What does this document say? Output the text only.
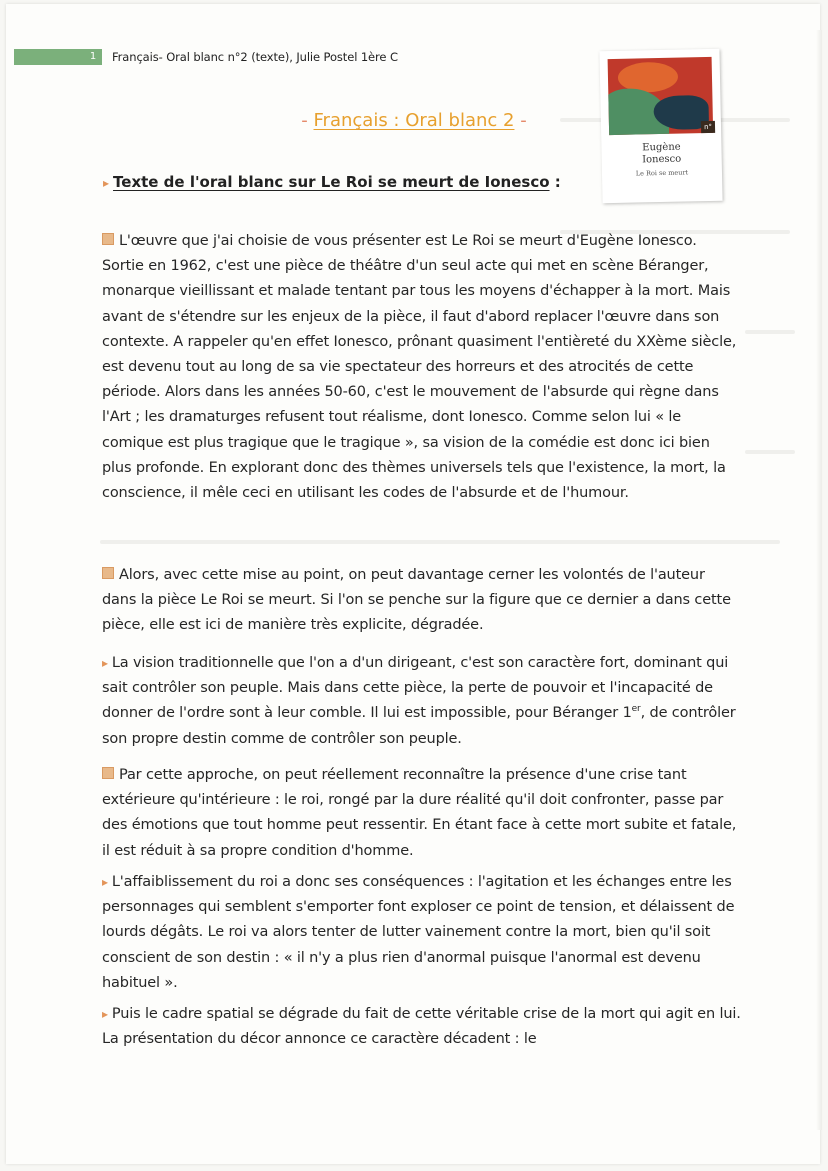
1	Français- Oral blanc n°2 (texte), Julie Postel 1ère C
- Français : Oral blanc 2 -	n°
Eugène
Ionesco
Le Roi se meurt
▸ Texte de l'oral blanc sur Le Roi se meurt de Ionesco :
L'œuvre que j'ai choisie de vous présenter est Le Roi se meurt d'Eugène Ionesco. Sortie en 1962, c'est une pièce de théâtre d'un seul acte qui met en scène Béranger, monarque vieillissant et malade tentant par tous les moyens d'échapper à la mort. Mais avant de s'étendre sur les enjeux de la pièce, il faut d'abord replacer l'œuvre dans son contexte. A rappeler qu'en effet Ionesco, prônant quasiment l'entièreté du XXème siècle, est devenu tout au long de sa vie spectateur des horreurs et des atrocités de cette période. Alors dans les années 50-60, c'est le mouvement de l'absurde qui règne dans l'Art ; les dramaturges refusent tout réalisme, dont Ionesco. Comme selon lui « le comique est plus tragique que le tragique », sa vision de la comédie est donc ici bien plus profonde. En explorant donc des thèmes universels tels que l'existence, la mort, la conscience, il mêle ceci en utilisant les codes de l'absurde et de l'humour.
Alors, avec cette mise au point, on peut davantage cerner les volontés de l'auteur dans la pièce Le Roi se meurt. Si l'on se penche sur la figure que ce dernier a dans cette pièce, elle est ici de manière très explicite, dégradée.
▸ La vision traditionnelle que l'on a d'un dirigeant, c'est son caractère fort, dominant qui sait contrôler son peuple. Mais dans cette pièce, la perte de pouvoir et l'incapacité de donner de l'ordre sont à leur comble. Il lui est impossible, pour Béranger 1er, de contrôler son propre destin comme de contrôler son peuple.
Par cette approche, on peut réellement reconnaître la présence d'une crise tant extérieure qu'intérieure : le roi, rongé par la dure réalité qu'il doit confronter, passe par des émotions que tout homme peut ressentir. En étant face à cette mort subite et fatale, il est réduit à sa propre condition d'homme.
▸ L'affaiblissement du roi a donc ses conséquences : l'agitation et les échanges entre les personnages qui semblent s'emporter font exploser ce point de tension, et délaissent de lourds dégâts. Le roi va alors tenter de lutter vainement contre la mort, bien qu'il soit conscient de son destin : « il n'y a plus rien d'anormal puisque l'anormal est devenu habituel ».
▸ Puis le cadre spatial se dégrade du fait de cette véritable crise de la mort qui agit en lui. La présentation du décor annonce ce caractère décadent : le
